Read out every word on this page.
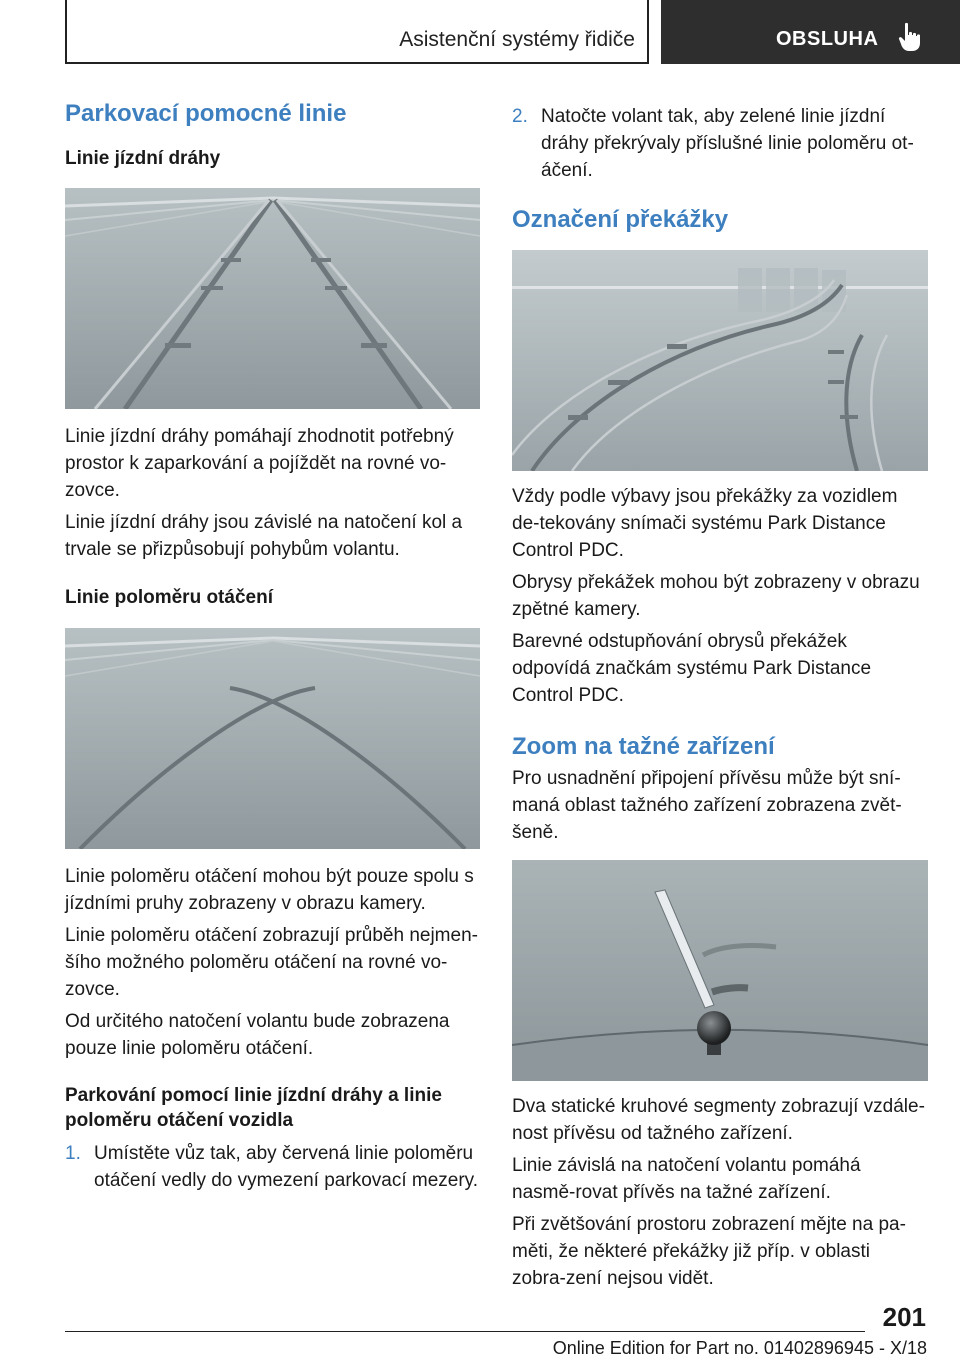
Asistenční systémy řidiče	OBSLUHA
Parkovací pomocné linie
Linie jízdní dráhy

Linie jízdní dráhy pomáhají zhodnotit potřebný prostor k zaparkování a pojíždět na rovné vo-zovce.

Linie jízdní dráhy jsou závislé na natočení kol a trvale se přizpůsobují pohybům volantu.

Linie poloměru otáčení

Linie poloměru otáčení mohou být pouze spolu s jízdními pruhy zobrazeny v obrazu kamery.

Linie poloměru otáčení zobrazují průběh nejmen-šího možného poloměru otáčení na rovné vo-zovce.

Od určitého natočení volantu bude zobrazena pouze linie poloměru otáčení.

Parkování pomocí linie jízdní dráhy a linie poloměru otáčení vozidla
1. Umístěte vůz tak, aby červená linie poloměru otáčení vedly do vymezení parkovací mezery.
2. Natočte volant tak, aby zelené linie jízdní dráhy překrývaly příslušné linie poloměru ot-áčení.
Označení překážky

Vždy podle výbavy jsou překážky za vozidlem de-tekovány snímači systému Park Distance Control PDC.

Obrysy překážek mohou být zobrazeny v obrazu zpětné kamery.

Barevné odstupňování obrysů překážek odpovídá značkám systému Park Distance Control PDC.

Zoom na tažné zařízení

Pro usnadnění připojení přívěsu může být sní-maná oblast tažného zařízení zobrazena zvět-šeně.

Dva statické kruhové segmenty zobrazují vzdále-nost přívěsu od tažného zařízení.

Linie závislá na natočení volantu pomáhá nasmě-rovat přívěs na tažné zařízení.

Při zvětšování prostoru zobrazení mějte na pa-měti, že některé překážky již příp. v oblasti zobra-zení nejsou vidět.

201
Online Edition for Part no. 01402896945 - X/18
